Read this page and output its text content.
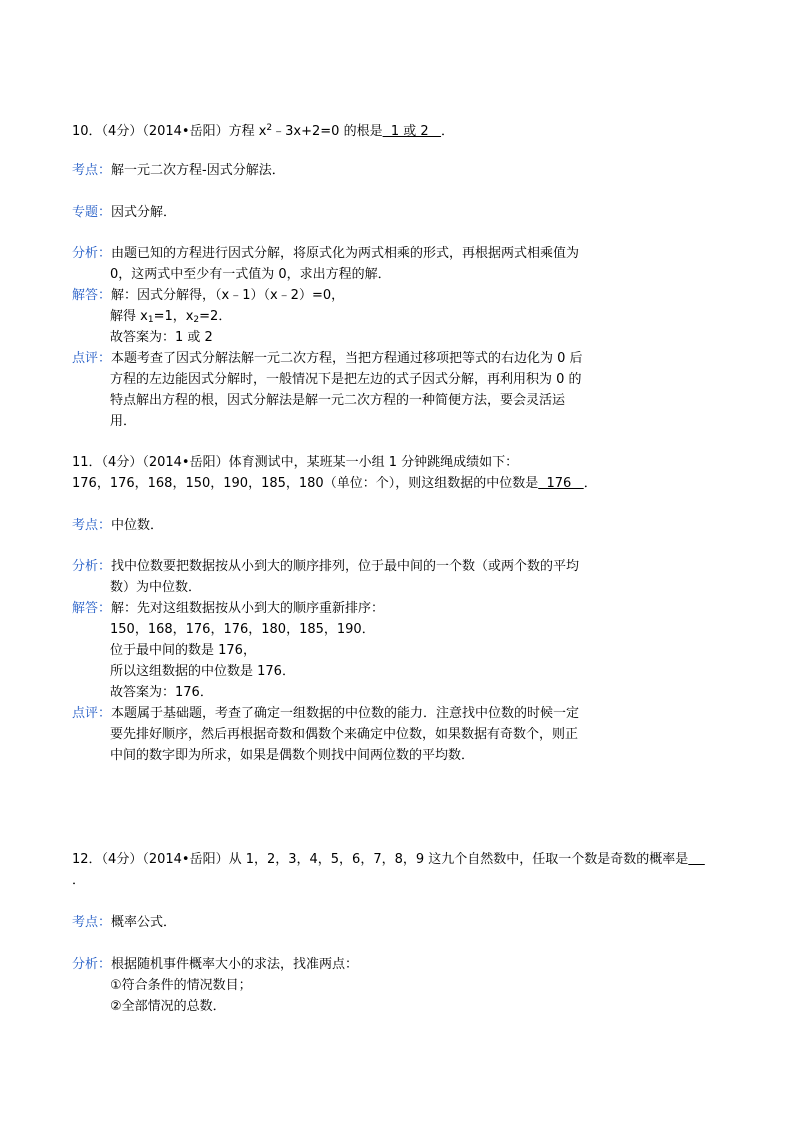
10．（4分）（2014•岳阳）方程 $x^2﹣3x+2=0$ 的根是  1 或 2   ．
考点：解一元二次方程-因式分解法．
专题：因式分解．
分析：由题已知的方程进行因式分解，将原式化为两式相乘的形式，再根据两式相乘值为
0，这两式中至少有一式值为 0，求出方程的解．
解答：解：因式分解得，（x﹣1）（x﹣2）=0，
解得 $x_1=1$，$x_2=2$．
故答案为：1 或 2
点评：本题考查了因式分解法解一元二次方程，当把方程通过移项把等式的右边化为 0 后
方程的左边能因式分解时，一般情况下是把左边的式子因式分解，再利用积为 0 的
特点解出方程的根，因式分解法是解一元二次方程的一种简便方法，要会灵活运
用．
11．（4分）（2014•岳阳）体育测试中，某班某一小组 1 分钟跳绳成绩如下：
176，176，168，150，190，185，180（单位：个），则这组数据的中位数是  176   ．
考点：中位数．
分析：找中位数要把数据按从小到大的顺序排列，位于最中间的一个数（或两个数的平均
数）为中位数．
解答：解：先对这组数据按从小到大的顺序重新排序：
150，168，176，176，180，185，190．
位于最中间的数是 176，
所以这组数据的中位数是 176．
故答案为：176．
点评：本题属于基础题，考查了确定一组数据的中位数的能力．注意找中位数的时候一定
要先排好顺序，然后再根据奇数和偶数个来确定中位数，如果数据有奇数个，则正
中间的数字即为所求，如果是偶数个则找中间两位数的平均数．
12．（4分）（2014•岳阳）从 1，2，3，4，5，6，7，8，9 这九个自然数中，任取一个数是奇数的概率是
．
考点：概率公式．
分析：根据随机事件概率大小的求法，找准两点：
①符合条件的情况数目；
②全部情况的总数．
